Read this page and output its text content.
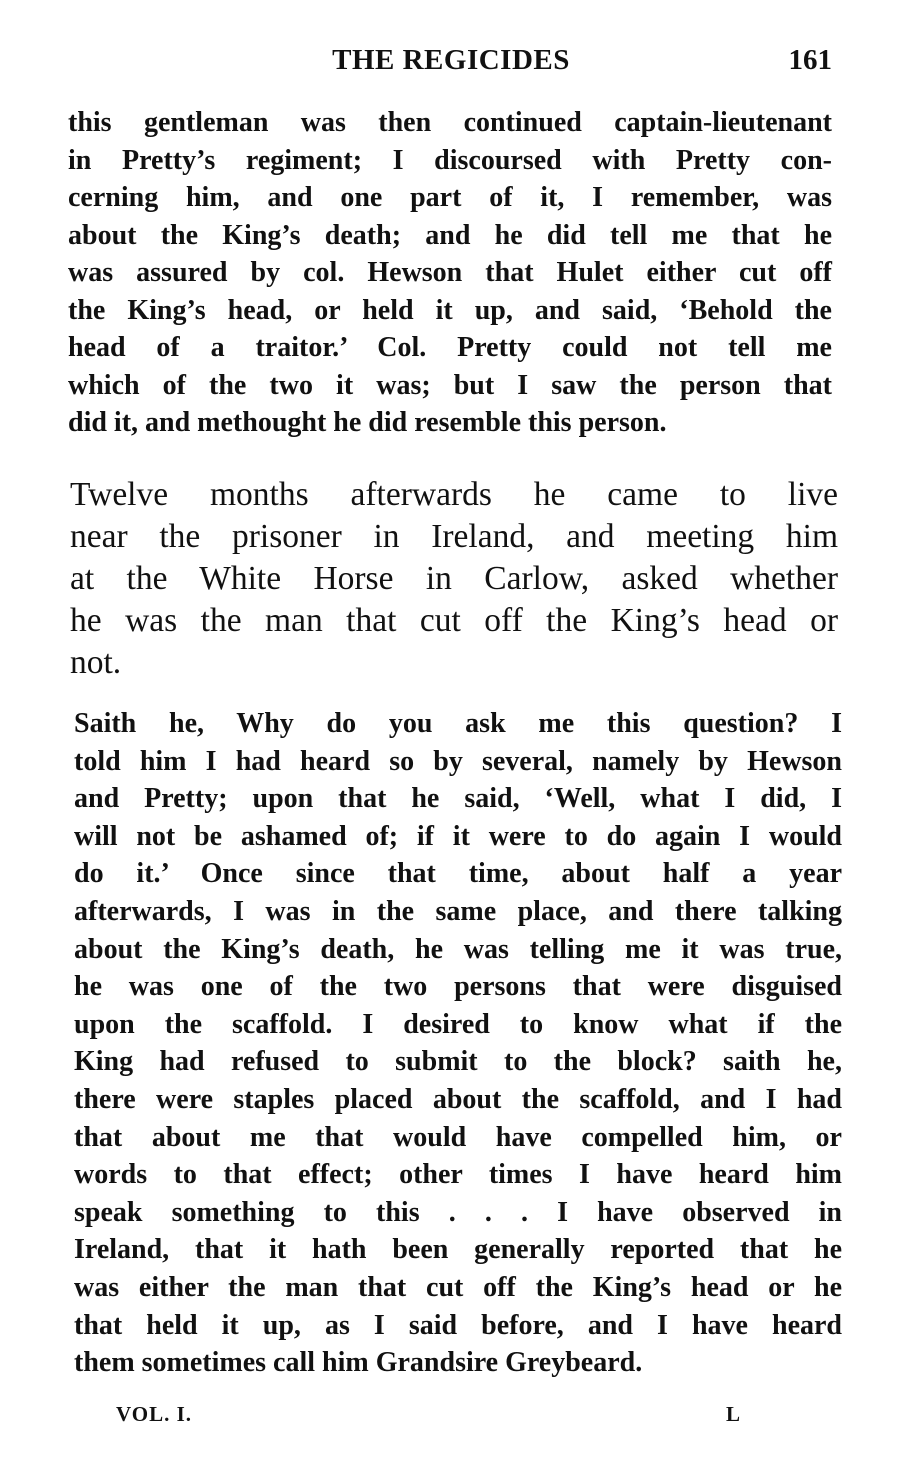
THE REGICIDES	161
this gentleman was then continued captain-lieutenant
in Pretty’s regiment; I discoursed with Pretty con-
cerning him, and one part of it, I remember, was
about the King’s death; and he did tell me that he
was assured by col. Hewson that Hulet either cut off
the King’s head, or held it up, and said, ‘Behold the
head of a traitor.’ Col. Pretty could not tell me
which of the two it was; but I saw the person that
did it, and methought he did resemble this person.
Twelve months afterwards he came to live
near the prisoner in Ireland, and meeting him
at the White Horse in Carlow, asked whether
he was the man that cut off the King’s head or
not.
Saith he, Why do you ask me this question? I
told him I had heard so by several, namely by Hewson
and Pretty; upon that he said, ‘Well, what I did, I
will not be ashamed of; if it were to do again I would
do it.’ Once since that time, about half a year
afterwards, I was in the same place, and there talking
about the King’s death, he was telling me it was true,
he was one of the two persons that were disguised
upon the scaffold. I desired to know what if the
King had refused to submit to the block? saith he,
there were staples placed about the scaffold, and I had
that about me that would have compelled him, or
words to that effect; other times I have heard him
speak something to this . . . I have observed in
Ireland, that it hath been generally reported that he
was either the man that cut off the King’s head or he
that held it up, as I said before, and I have heard
them sometimes call him Grandsire Greybeard.
VOL. I.	L
